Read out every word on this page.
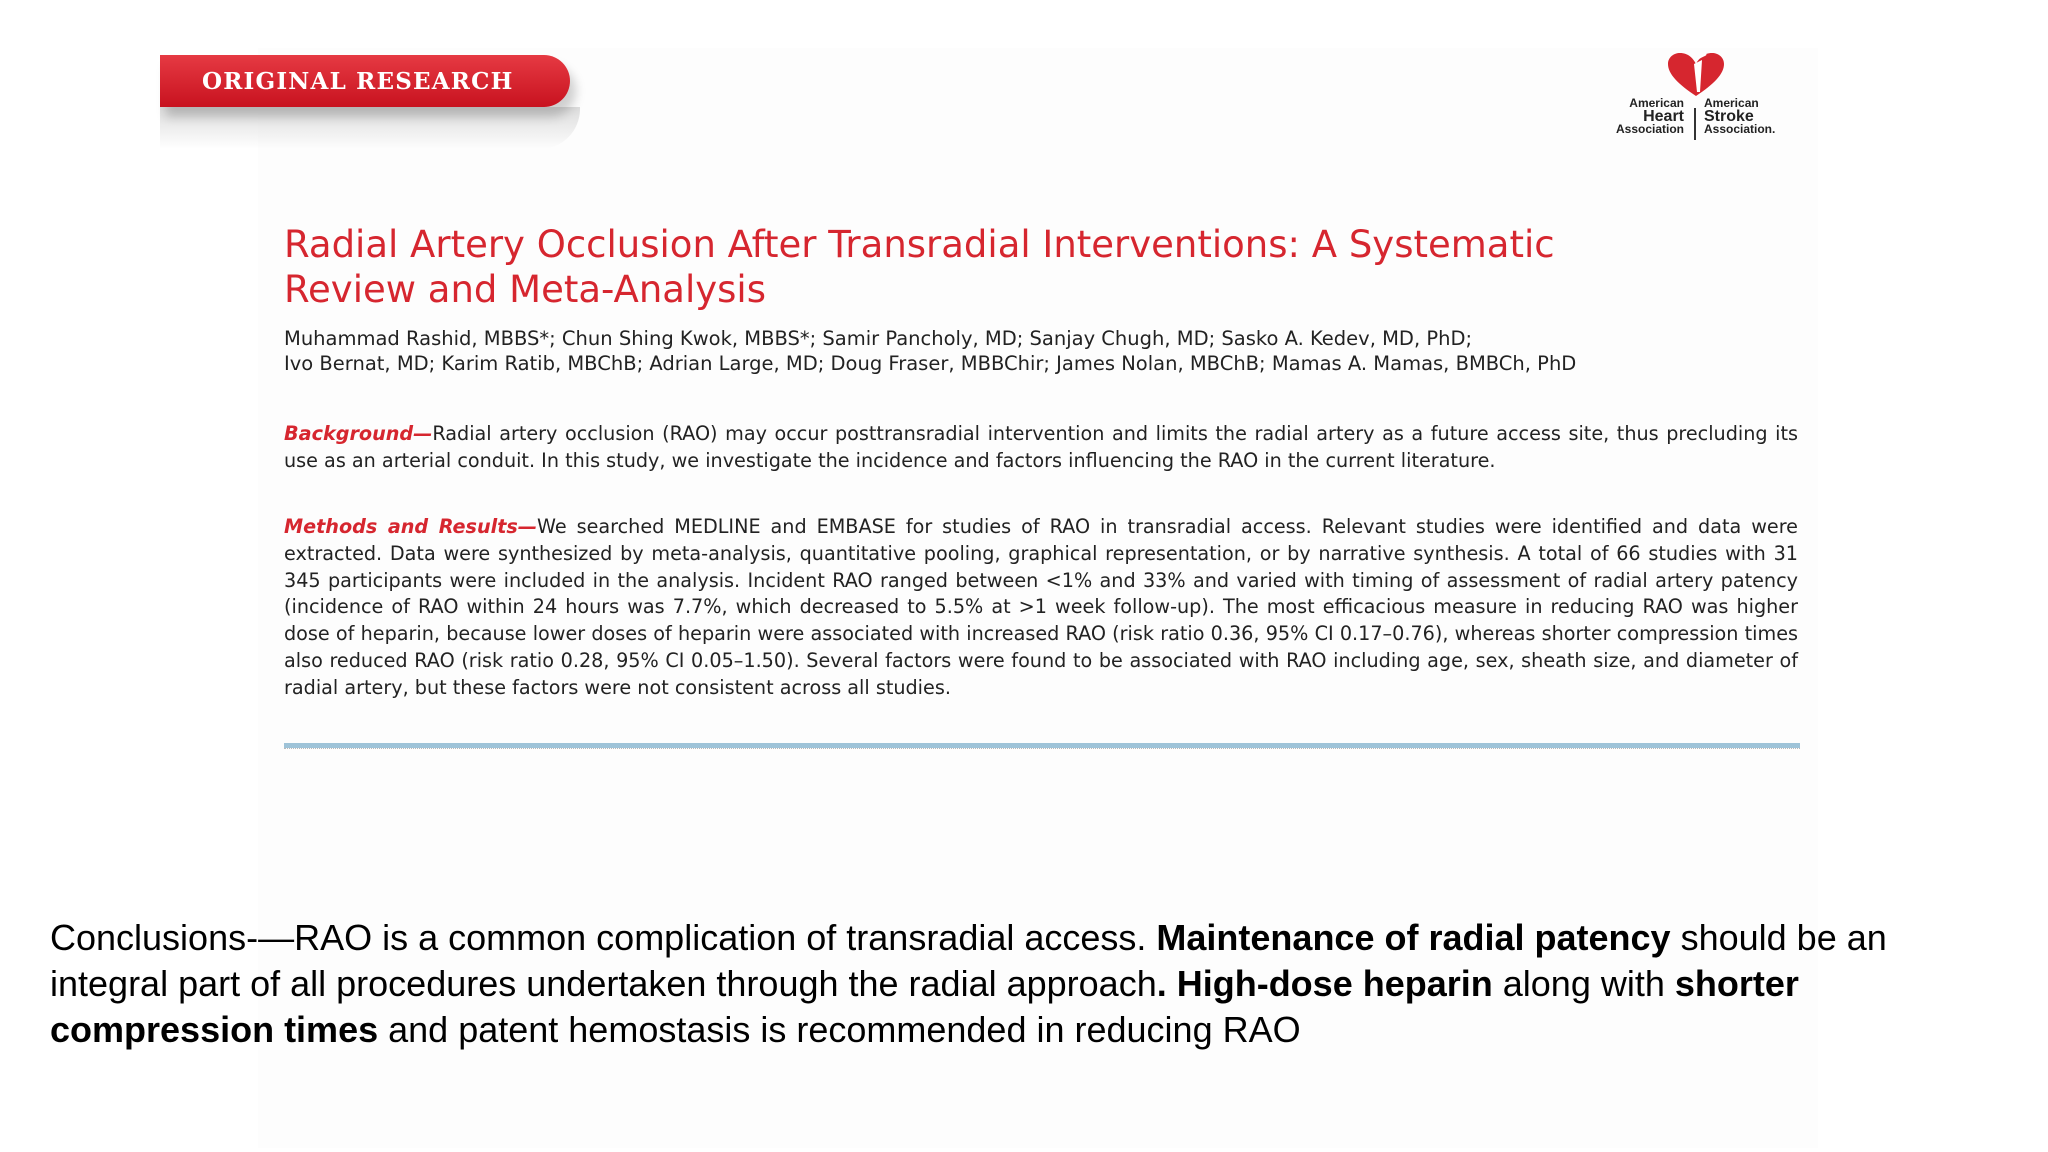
ORIGINAL RESEARCH
American
Heart
Association
American
Stroke
Association.
Radial Artery Occlusion After Transradial Interventions: A Systematic
Review and Meta-Analysis
Muhammad Rashid, MBBS*; Chun Shing Kwok, MBBS*; Samir Pancholy, MD; Sanjay Chugh, MD; Sasko A. Kedev, MD, PhD;
Ivo Bernat, MD; Karim Ratib, MBChB; Adrian Large, MD; Doug Fraser, MBBChir; James Nolan, MBChB; Mamas A. Mamas, BMBCh, PhD
Background—Radial artery occlusion (RAO) may occur posttransradial intervention and limits the radial artery as a future access site, thus precluding its use as an arterial conduit. In this study, we investigate the incidence and factors influencing the RAO in the current literature.
Methods and Results—We searched MEDLINE and EMBASE for studies of RAO in transradial access. Relevant studies were identified and data were extracted. Data were synthesized by meta-analysis, quantitative pooling, graphical representation, or by narrative synthesis. A total of 66 studies with 31 345 participants were included in the analysis. Incident RAO ranged between <1% and 33% and varied with timing of assessment of radial artery patency (incidence of RAO within 24 hours was 7.7%, which decreased to 5.5% at >1 week follow-up). The most efficacious measure in reducing RAO was higher dose of heparin, because lower doses of heparin were associated with increased RAO (risk ratio 0.36, 95% CI 0.17–0.76), whereas shorter compression times also reduced RAO (risk ratio 0.28, 95% CI 0.05–1.50). Several factors were found to be associated with RAO including age, sex, sheath size, and diameter of radial artery, but these factors were not consistent across all studies.
Conclusions-—RAO is a common complication of transradial access. Maintenance of radial patency should be an integral part of all procedures undertaken through the radial approach. High-dose heparin along with shorter compression times and patent hemostasis is recommended in reducing RAO
